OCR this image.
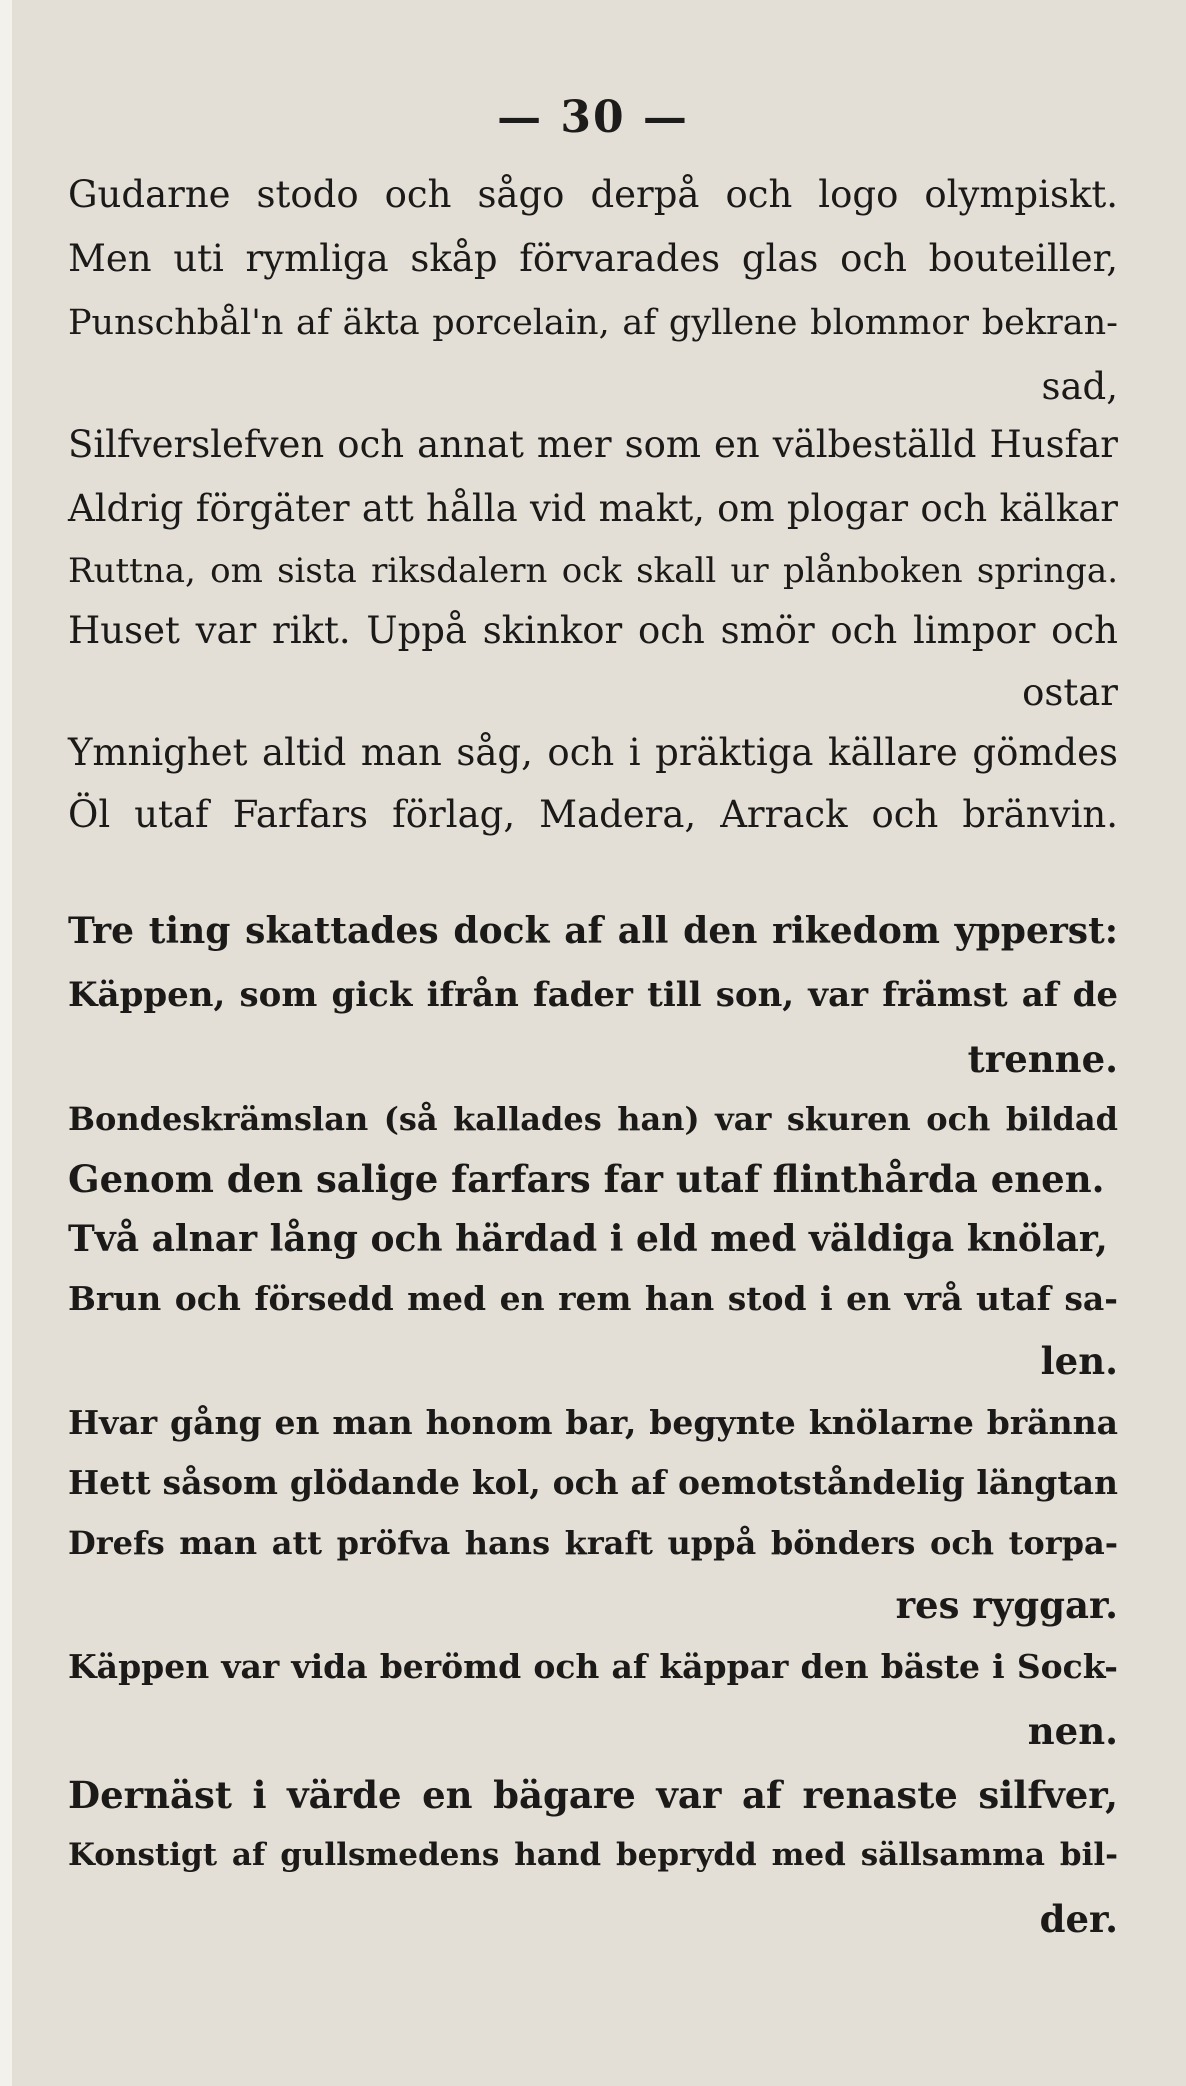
— 30 —
Gudarne stodo och sågo derpå och logo olympiskt.
Men uti rymliga skåp förvarades glas och bouteiller,
Punschbål'n af äkta porcelain, af gyllene blommor bekran-
sad,
Silfverslefven och annat mer som en välbeställd Husfar
Aldrig förgäter att hålla vid makt, om plogar och kälkar
Ruttna, om sista riksdalern ock skall ur plånboken springa.
Huset var rikt. Uppå skinkor och smör och limpor och
ostar
Ymnighet altid man såg, och i präktiga källare gömdes
Öl utaf Farfars förlag, Madera, Arrack och bränvin.
Tre ting skattades dock af all den rikedom ypperst:
Käppen, som gick ifrån fader till son, var främst af de
trenne.
Bondeskrämslan (så kallades han) var skuren och bildad
Genom den salige farfars far utaf flinthårda enen.
Två alnar lång och härdad i eld med väldiga knölar,
Brun och försedd med en rem han stod i en vrå utaf sa-
len.
Hvar gång en man honom bar, begynte knölarne bränna
Hett såsom glödande kol, och af oemotståndelig längtan
Drefs man att pröfva hans kraft uppå bönders och torpa-
res ryggar.
Käppen var vida berömd och af käppar den bäste i Sock-
nen.
Dernäst i värde en bägare var af renaste silfver,
Konstigt af gullsmedens hand beprydd med sällsamma bil-
der.
